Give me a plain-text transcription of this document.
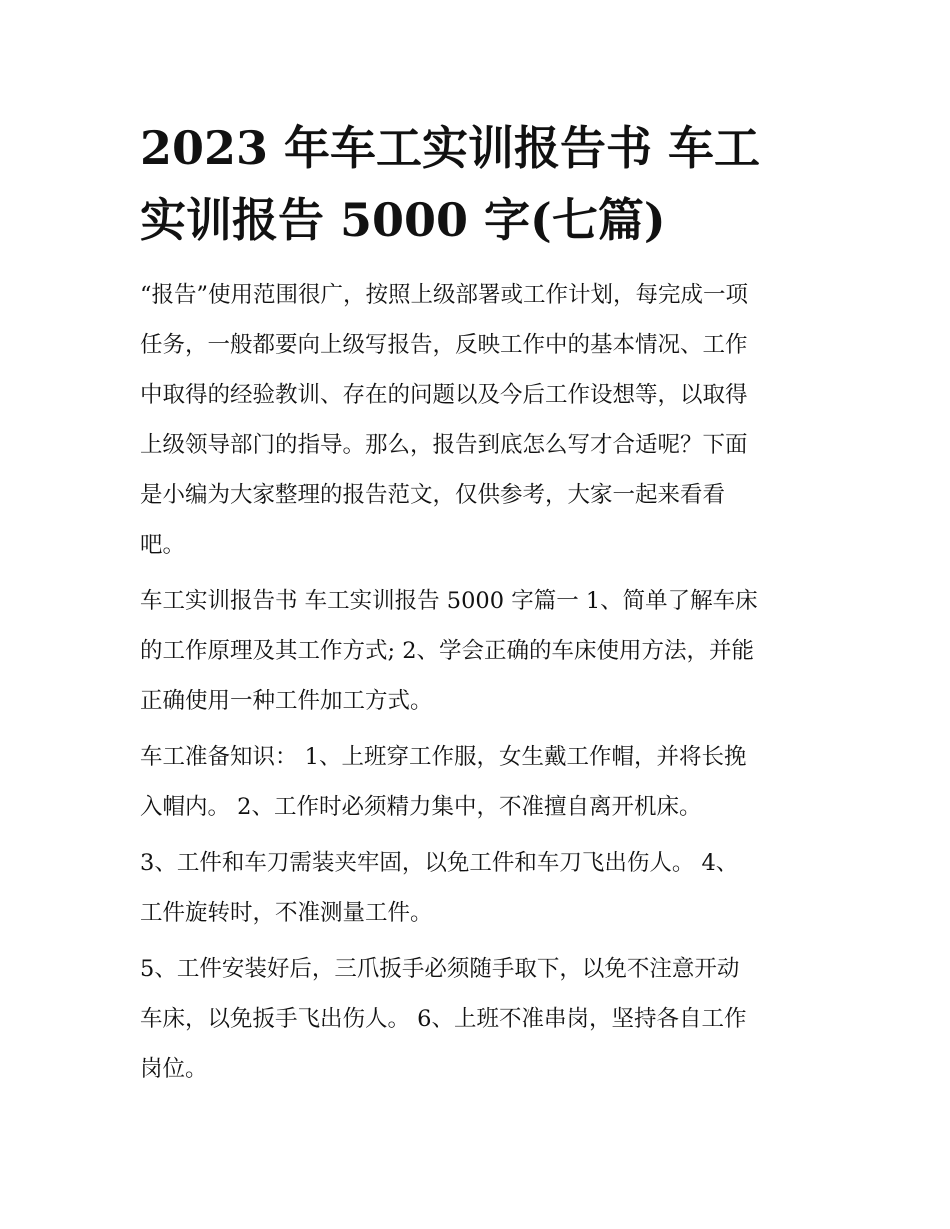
2023 年车工实训报告书 车工
实训报告 5000 字(七篇)

“报告”使用范围很广，按照上级部署或工作计划，每完成一项
任务，一般都要向上级写报告，反映工作中的基本情况、工作
中取得的经验教训、存在的问题以及今后工作设想等，以取得
上级领导部门的指导。那么，报告到底怎么写才合适呢？下面
是小编为大家整理的报告范文，仅供参考，大家一起来看看
吧。

车工实训报告书 车工实训报告 5000 字篇一 1、简单了解车床
的工作原理及其工作方式; 2、学会正确的车床使用方法，并能
正确使用一种工件加工方式。

车工准备知识： 1、上班穿工作服，女生戴工作帽，并将长挽
入帽内。 2、工作时必须精力集中，不准擅自离开机床。

3、工件和车刀需装夹牢固，以免工件和车刀飞出伤人。 4、
工件旋转时，不准测量工件。

5、工件安装好后，三爪扳手必须随手取下，以免不注意开动
车床，以免扳手飞出伤人。 6、上班不准串岗，坚持各自工作
岗位。
